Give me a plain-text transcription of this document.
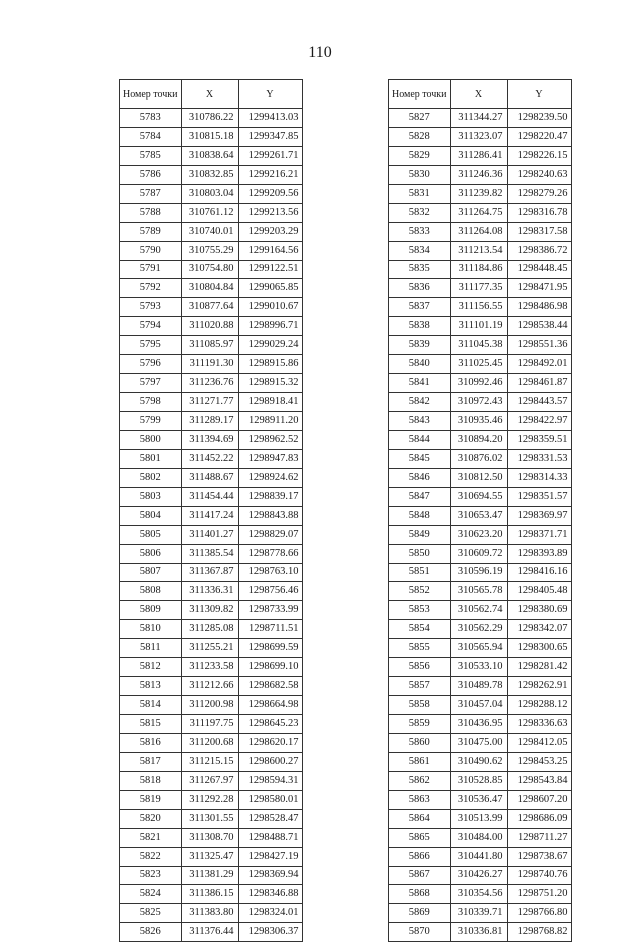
110
Номер точки	X	Y
5783	310786.22	1299413.03
5784	310815.18	1299347.85
5785	310838.64	1299261.71
5786	310832.85	1299216.21
5787	310803.04	1299209.56
5788	310761.12	1299213.56
5789	310740.01	1299203.29
5790	310755.29	1299164.56
5791	310754.80	1299122.51
5792	310804.84	1299065.85
5793	310877.64	1299010.67
5794	311020.88	1298996.71
5795	311085.97	1299029.24
5796	311191.30	1298915.86
5797	311236.76	1298915.32
5798	311271.77	1298918.41
5799	311289.17	1298911.20
5800	311394.69	1298962.52
5801	311452.22	1298947.83
5802	311488.67	1298924.62
5803	311454.44	1298839.17
5804	311417.24	1298843.88
5805	311401.27	1298829.07
5806	311385.54	1298778.66
5807	311367.87	1298763.10
5808	311336.31	1298756.46
5809	311309.82	1298733.99
5810	311285.08	1298711.51
5811	311255.21	1298699.59
5812	311233.58	1298699.10
5813	311212.66	1298682.58
5814	311200.98	1298664.98
5815	311197.75	1298645.23
5816	311200.68	1298620.17
5817	311215.15	1298600.27
5818	311267.97	1298594.31
5819	311292.28	1298580.01
5820	311301.55	1298528.47
5821	311308.70	1298488.71
5822	311325.47	1298427.19
5823	311381.29	1298369.94
5824	311386.15	1298346.88
5825	311383.80	1298324.01
5826	311376.44	1298306.37
Номер точки	X	Y
5827	311344.27	1298239.50
5828	311323.07	1298220.47
5829	311286.41	1298226.15
5830	311246.36	1298240.63
5831	311239.82	1298279.26
5832	311264.75	1298316.78
5833	311264.08	1298317.58
5834	311213.54	1298386.72
5835	311184.86	1298448.45
5836	311177.35	1298471.95
5837	311156.55	1298486.98
5838	311101.19	1298538.44
5839	311045.38	1298551.36
5840	311025.45	1298492.01
5841	310992.46	1298461.87
5842	310972.43	1298443.57
5843	310935.46	1298422.97
5844	310894.20	1298359.51
5845	310876.02	1298331.53
5846	310812.50	1298314.33
5847	310694.55	1298351.57
5848	310653.47	1298369.97
5849	310623.20	1298371.71
5850	310609.72	1298393.89
5851	310596.19	1298416.16
5852	310565.78	1298405.48
5853	310562.74	1298380.69
5854	310562.29	1298342.07
5855	310565.94	1298300.65
5856	310533.10	1298281.42
5857	310489.78	1298262.91
5858	310457.04	1298288.12
5859	310436.95	1298336.63
5860	310475.00	1298412.05
5861	310490.62	1298453.25
5862	310528.85	1298543.84
5863	310536.47	1298607.20
5864	310513.99	1298686.09
5865	310484.00	1298711.27
5866	310441.80	1298738.67
5867	310426.27	1298740.76
5868	310354.56	1298751.20
5869	310339.71	1298766.80
5870	310336.81	1298768.82
